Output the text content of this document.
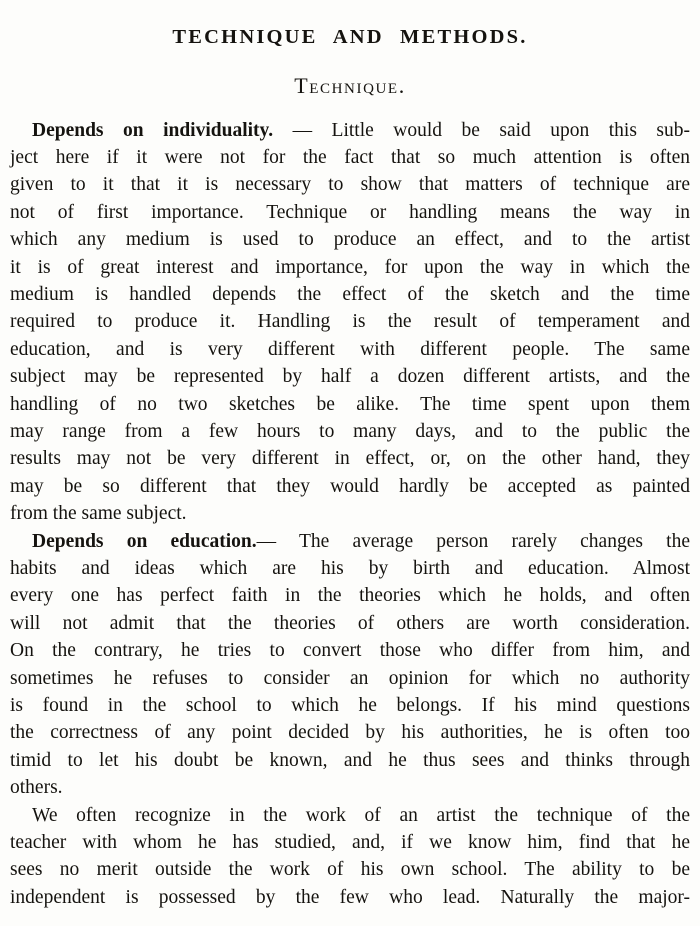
TECHNIQUE AND METHODS.
Technique.
Depends on individuality. — Little would be said upon this sub-
ject here if it were not for the fact that so much attention is often
given to it that it is necessary to show that matters of technique are
not of first importance. Technique or handling means the way in
which any medium is used to produce an effect, and to the artist
it is of great interest and importance, for upon the way in which the
medium is handled depends the effect of the sketch and the time
required to produce it. Handling is the result of temperament and
education, and is very different with different people. The same
subject may be represented by half a dozen different artists, and the
handling of no two sketches be alike. The time spent upon them
may range from a few hours to many days, and to the public the
results may not be very different in effect, or, on the other hand, they
may be so different that they would hardly be accepted as painted
from the same subject.
Depends on education.— The average person rarely changes the
habits and ideas which are his by birth and education. Almost
every one has perfect faith in the theories which he holds, and often
will not admit that the theories of others are worth consideration.
On the contrary, he tries to convert those who differ from him, and
sometimes he refuses to consider an opinion for which no authority
is found in the school to which he belongs. If his mind questions
the correctness of any point decided by his authorities, he is often too
timid to let his doubt be known, and he thus sees and thinks through
others.
We often recognize in the work of an artist the technique of the
teacher with whom he has studied, and, if we know him, find that he
sees no merit outside the work of his own school. The ability to be
independent is possessed by the few who lead. Naturally the major-
